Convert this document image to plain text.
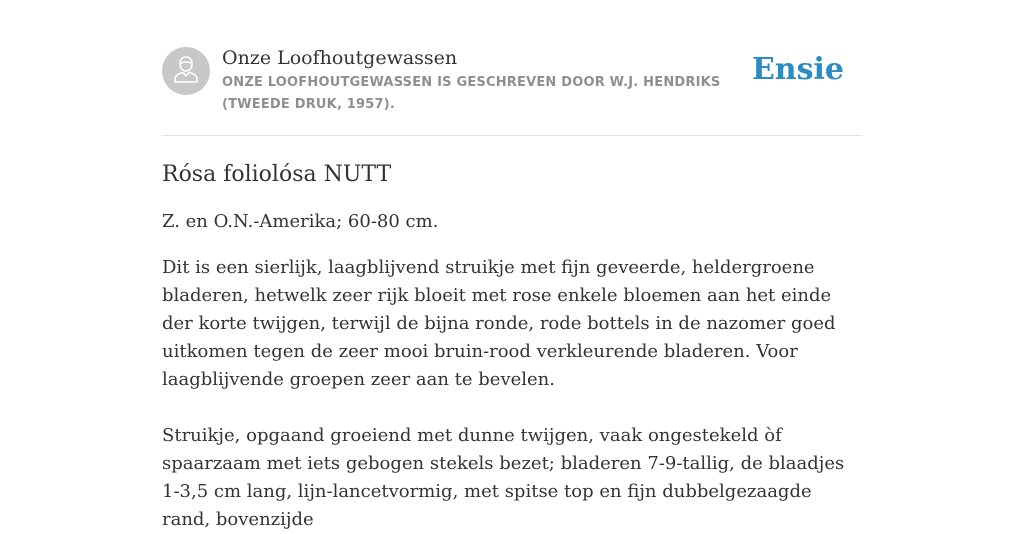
Onze Loofhoutgewassen
ONZE LOOFHOUTGEWASSEN IS GESCHREVEN DOOR W.J. HENDRIKS (TWEEDE DRUK, 1957).
Ensie
Rósa foliolósa NUTT

Z. en O.N.-Amerika; 60-80 cm.

Dit is een sierlijk, laagblijvend struikje met fijn geveerde, heldergroene bladeren, hetwelk zeer rijk bloeit met rose enkele bloemen aan het einde der korte twijgen, terwijl de bijna ronde, rode bottels in de nazomer goed uitkomen tegen de zeer mooi bruin-rood verkleurende bladeren. Voor laagblijvende groepen zeer aan te bevelen.

Struikje, opgaand groeiend met dunne twijgen, vaak ongestekeld òf spaarzaam met iets gebogen stekels bezet; bladeren 7-9-tallig, de blaadjes 1-3,5 cm lang, lijn-lancetvormig, met spitse top en fijn dubbelgezaagde rand, bovenzijde
